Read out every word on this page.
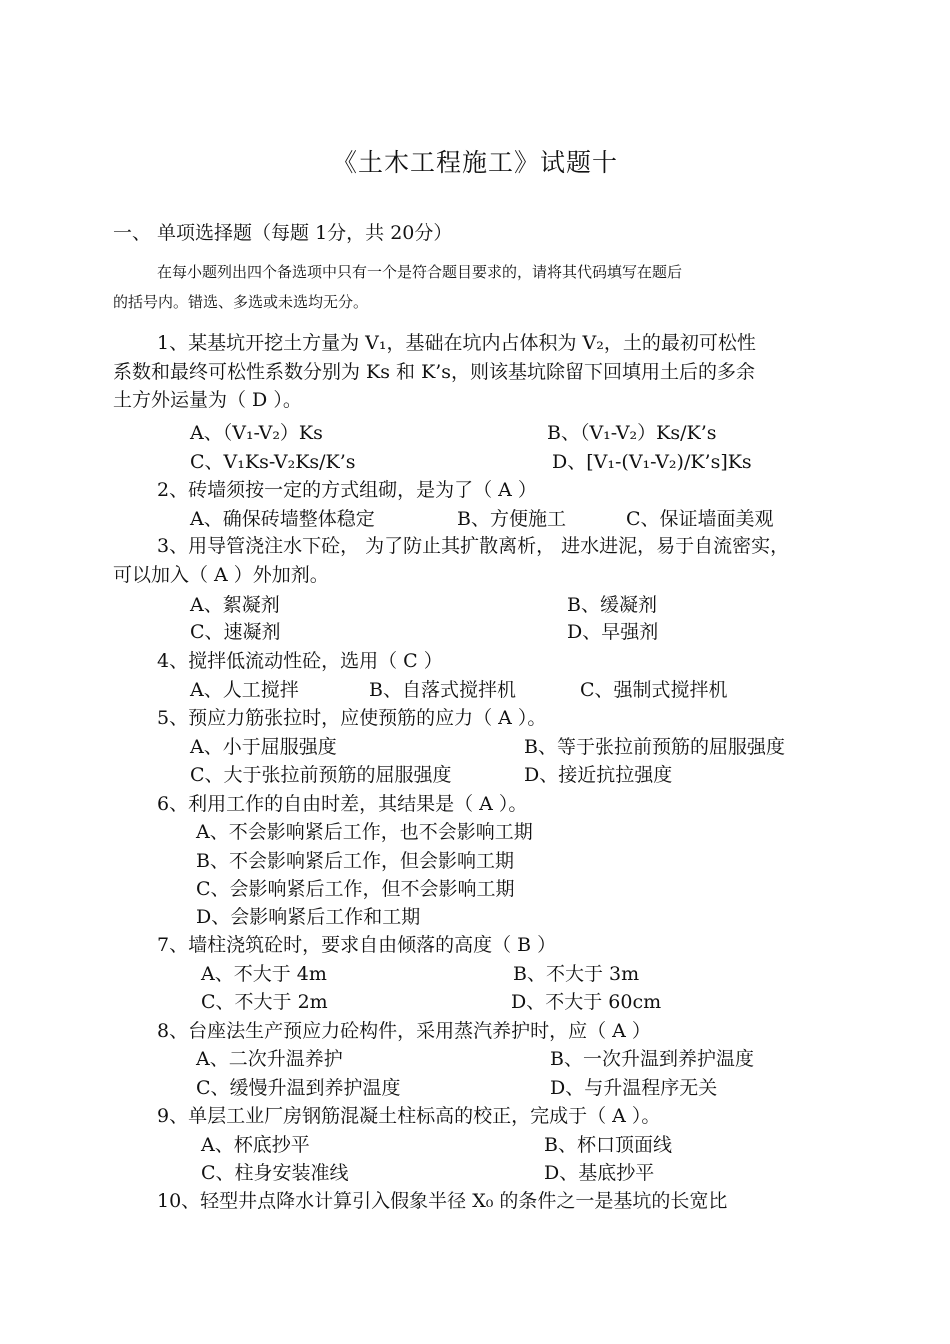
《土木工程施工》试题十
一、 单项选择题（每题 1分，共 20分）
在每小题列出四个备选项中只有一个是符合题目要求的，请将其代码填写在题后
的括号内。错选、多选或未选均无分。
1、某基坑开挖土方量为 V₁，基础在坑内占体积为 V₂，土的最初可松性
系数和最终可松性系数分别为 Ks 和 K’s，则该基坑除留下回填用土后的多余
土方外运量为（ D ）。
A、（V₁-V₂）Ks	B、（V₁-V₂）Ks/K’s
C、V₁Ks-V₂Ks/K’s	D、[V₁-(V₁-V₂)/K’s]Ks
2、砖墙须按一定的方式组砌，是为了（ A ）
A、确保砖墙整体稳定	B、方便施工	C、保证墙面美观
3、用导管浇注水下砼， 为了防止其扩散离析， 进水进泥，易于自流密实，
可以加入（ A ）外加剂。
A、絮凝剂	B、缓凝剂
C、速凝剂	D、早强剂
4、搅拌低流动性砼，选用（ C ）
A、人工搅拌	B、自落式搅拌机	C、强制式搅拌机
5、预应力筋张拉时，应使预筋的应力（ A ）。
A、小于屈服强度	B、等于张拉前预筋的屈服强度
C、大于张拉前预筋的屈服强度	D、接近抗拉强度
6、利用工作的自由时差，其结果是（ A ）。
A、不会影响紧后工作，也不会影响工期
B、不会影响紧后工作，但会影响工期
C、会影响紧后工作，但不会影响工期
D、会影响紧后工作和工期
7、墙柱浇筑砼时，要求自由倾落的高度（ B ）
A、不大于 4m	B、不大于 3m
C、不大于 2m	D、不大于 60cm
8、台座法生产预应力砼构件，采用蒸汽养护时，应（ A ）
A、二次升温养护	B、一次升温到养护温度
C、缓慢升温到养护温度	D、与升温程序无关
9、单层工业厂房钢筋混凝土柱标高的校正，完成于（ A ）。
A、杯底抄平	B、杯口顶面线
C、柱身安装准线	D、基底抄平
10、轻型井点降水计算引入假象半径 X₀ 的条件之一是基坑的长宽比
